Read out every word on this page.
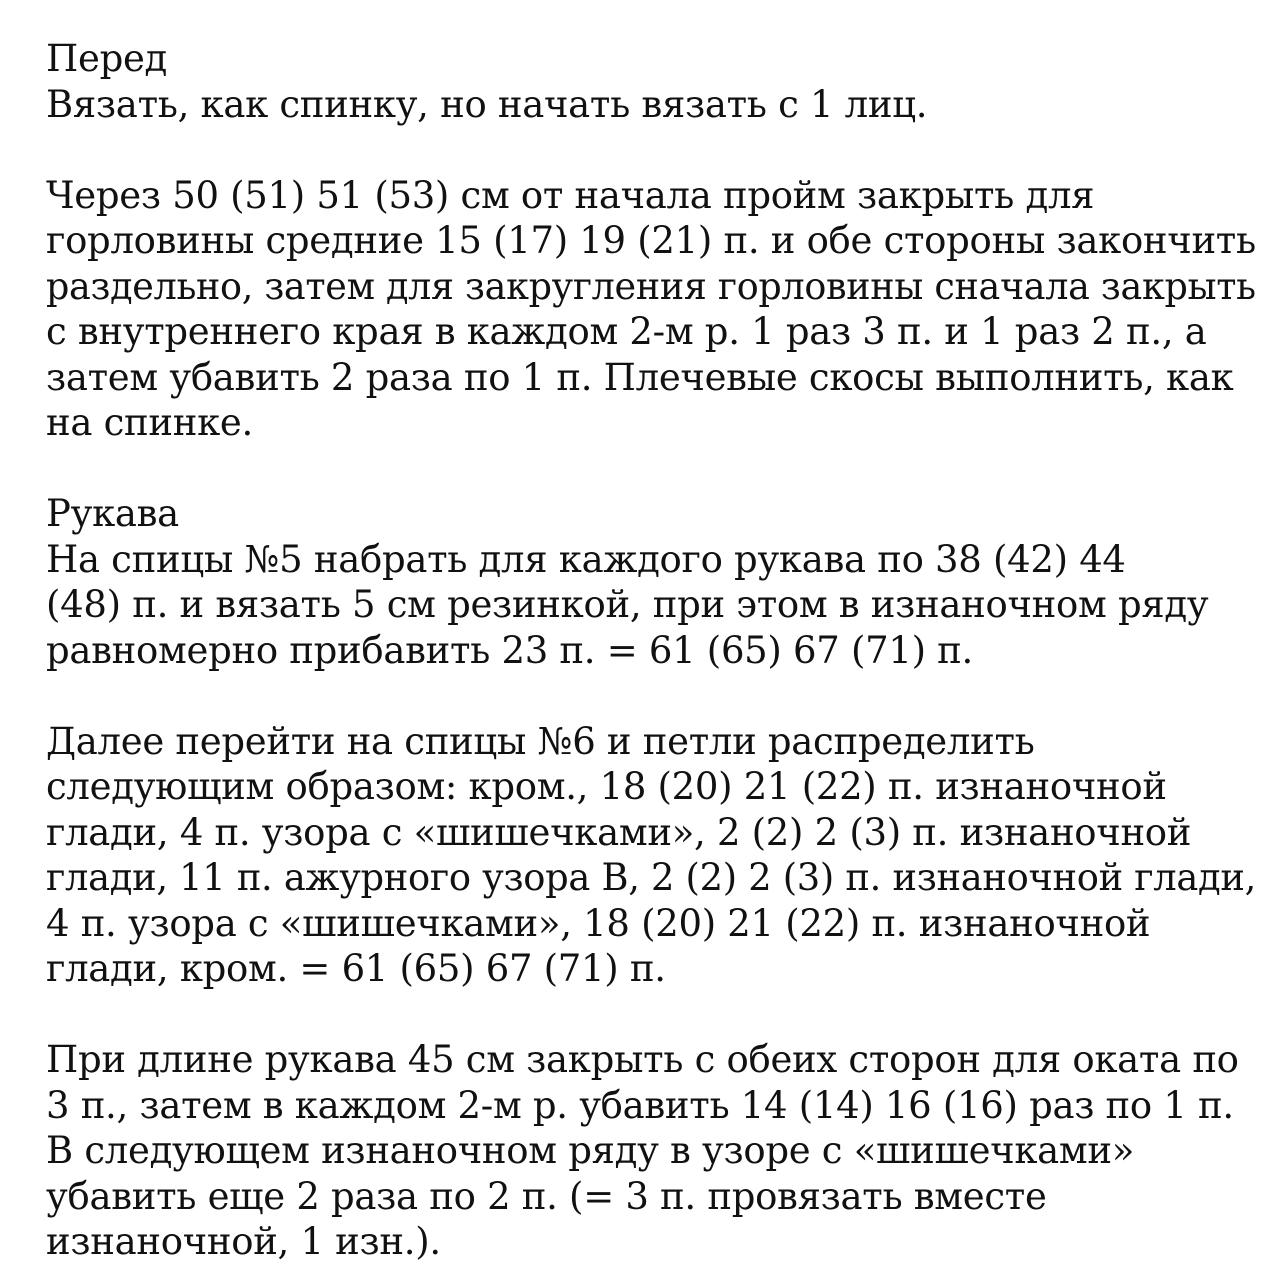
Перед
Вязать, как спинку, но начать вязать с 1 лиц.
Через 50 (51) 51 (53) см от начала пройм закрыть для
горловины средние 15 (17) 19 (21) п. и обе стороны закончить
раздельно, затем для закругления горловины сначала закрыть
с внутреннего края в каждом 2-м р. 1 раз 3 п. и 1 раз 2 п., а
затем убавить 2 раза по 1 п. Плечевые скосы выполнить, как
на спинке.
Рукава
На спицы №5 набрать для каждого рукава по 38 (42) 44
(48) п. и вязать 5 см резинкой, при этом в изнаночном ряду
равномерно прибавить 23 п. = 61 (65) 67 (71) п.
Далее перейти на спицы №6 и петли распределить
следующим образом: кром., 18 (20) 21 (22) п. изнаночной
глади, 4 п. узора с «шишечками», 2 (2) 2 (3) п. изнаночной
глади, 11 п. ажурного узора В, 2 (2) 2 (3) п. изнаночной глади,
4 п. узора с «шишечками», 18 (20) 21 (22) п. изнаночной
глади, кром. = 61 (65) 67 (71) п.
При длине рукава 45 см закрыть с обеих сторон для оката по
3 п., затем в каждом 2-м р. убавить 14 (14) 16 (16) раз по 1 п.
В следующем изнаночном ряду в узоре с «шишечками»
убавить еще 2 раза по 2 п. (= 3 п. провязать вместе
изнаночной, 1 изн.).
